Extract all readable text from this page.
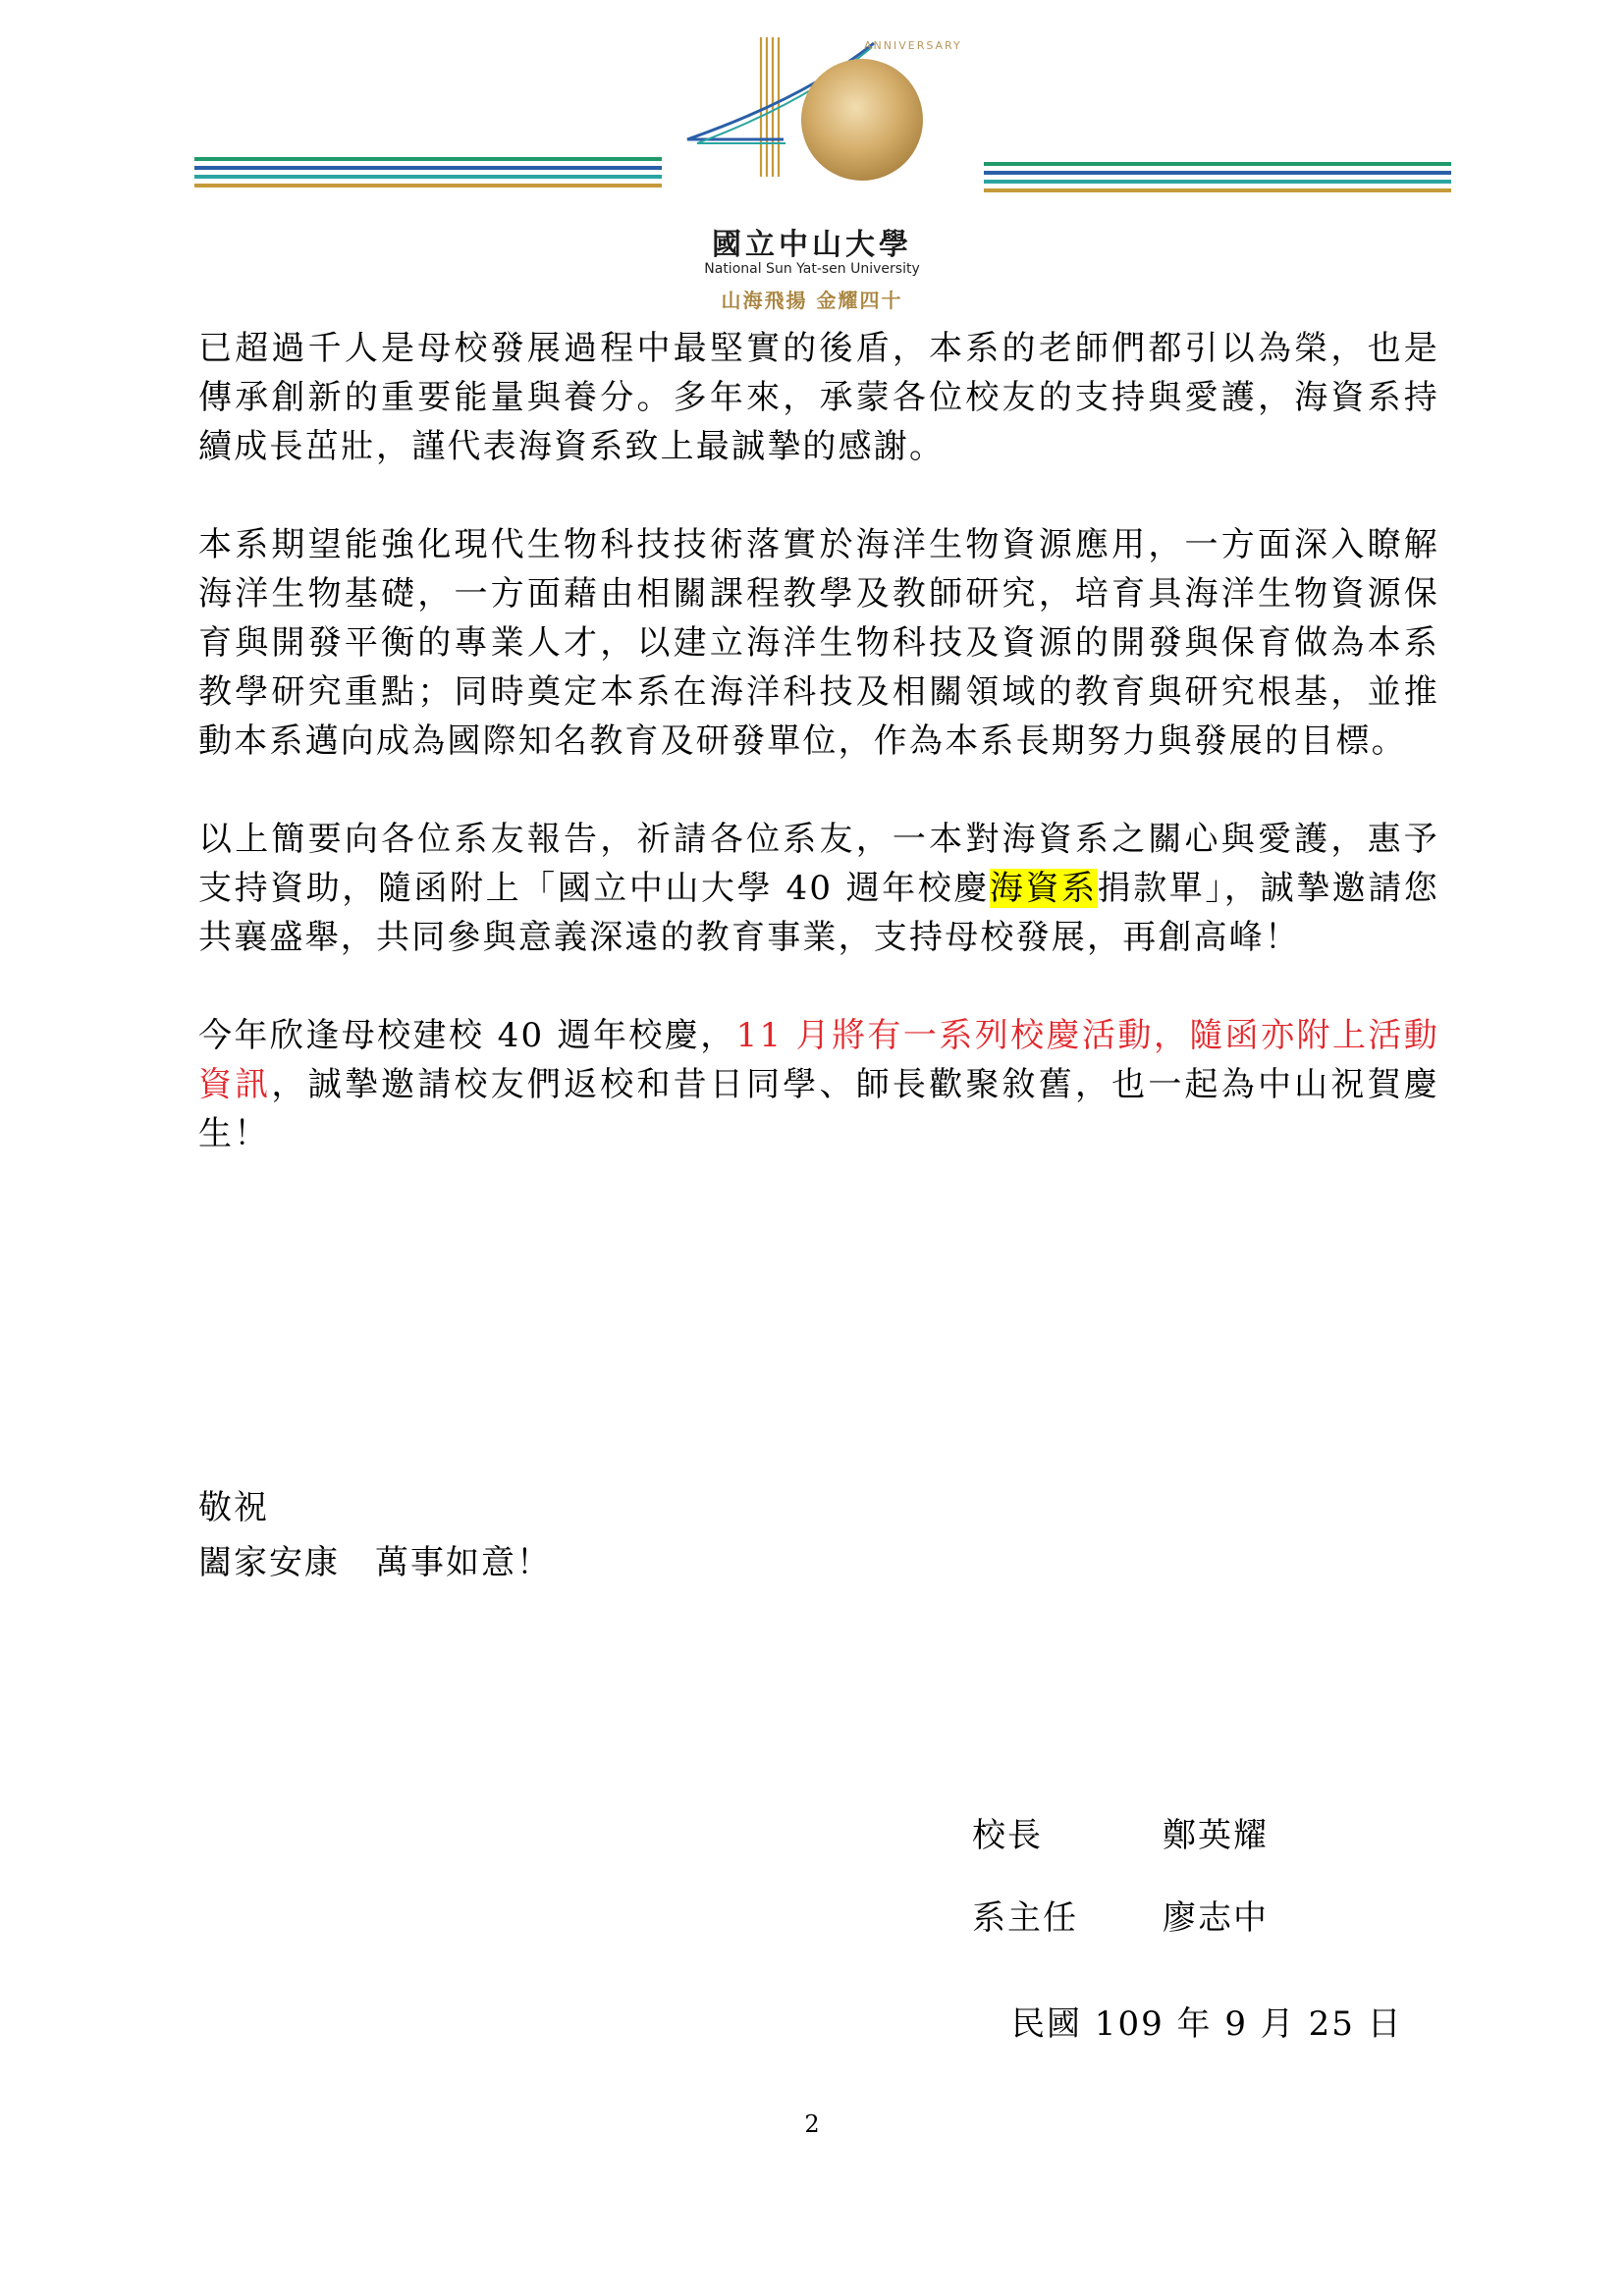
ANNIVERSARY
國立中山大學
National Sun Yat-sen University
山海飛揚 金耀四十

已超過千人是母校發展過程中最堅實的後盾，本系的老師們都引以為榮，也是傳承創新的重要能量與養分。多年來，承蒙各位校友的支持與愛護，海資系持續成長茁壯，謹代表海資系致上最誠摯的感謝。

本系期望能強化現代生物科技技術落實於海洋生物資源應用，一方面深入瞭解海洋生物基礎，一方面藉由相關課程教學及教師研究，培育具海洋生物資源保育與開發平衡的專業人才，以建立海洋生物科技及資源的開發與保育做為本系教學研究重點；同時奠定本系在海洋科技及相關領域的教育與研究根基，並推動本系邁向成為國際知名教育及研發單位，作為本系長期努力與發展的目標。

以上簡要向各位系友報告，祈請各位系友，一本對海資系之關心與愛護，惠予支持資助，隨函附上「國立中山大學 40 週年校慶海資系捐款單」，誠摯邀請您共襄盛舉，共同參與意義深遠的教育事業，支持母校發展，再創高峰！

今年欣逢母校建校 40 週年校慶，11 月將有一系列校慶活動，隨函亦附上活動資訊，誠摯邀請校友們返校和昔日同學、師長歡聚敘舊，也一起為中山祝賀慶生！

敬祝
闔家安康　萬事如意！
校長	鄭英耀
系主任	廖志中
民國 109 年 9 月 25 日
2
